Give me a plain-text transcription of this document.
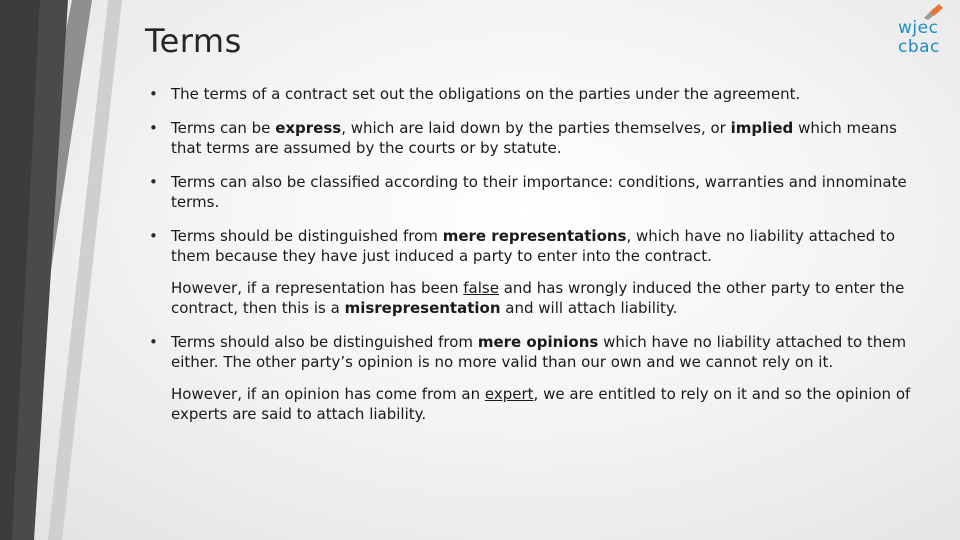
Terms	wjec
cbac
• The terms of a contract set out the obligations on the parties under the agreement.

• Terms can be express, which are laid down by the parties themselves, or implied which means that terms are assumed by the courts or by statute.

• Terms can also be classified according to their importance: conditions, warranties and innominate terms.

• Terms should be distinguished from mere representations, which have no liability attached to them because they have just induced a party to enter into the contract.

However, if a representation has been false and has wrongly induced the other party to enter the contract, then this is a misrepresentation and will attach liability.

• Terms should also be distinguished from mere opinions which have no liability attached to them either. The other party’s opinion is no more valid than our own and we cannot rely on it.

However, if an opinion has come from an expert, we are entitled to rely on it and so the opinion of experts are said to attach liability.
